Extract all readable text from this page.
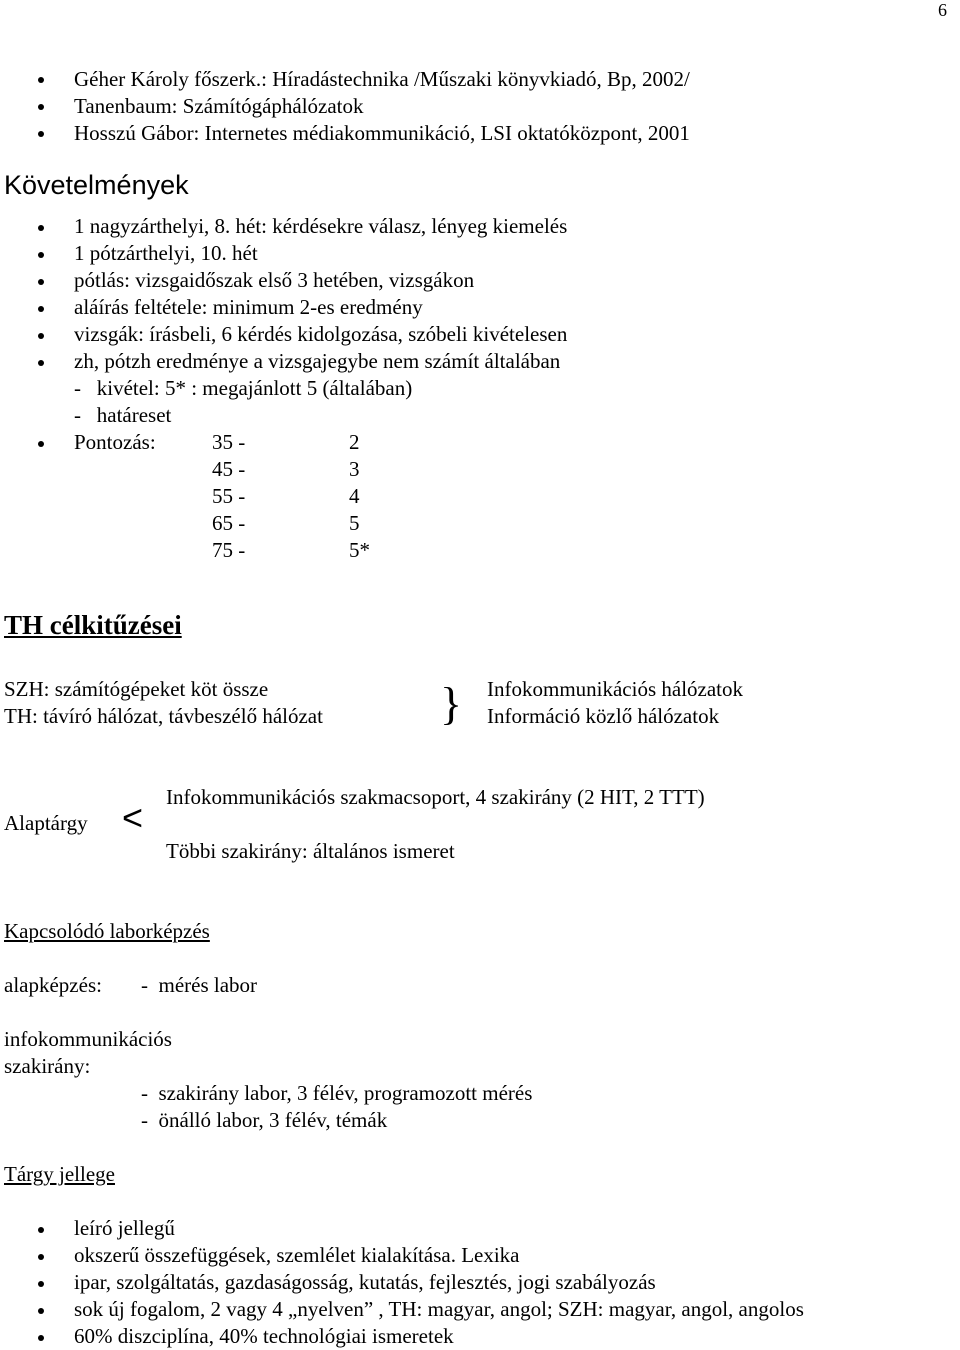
6
Géher Károly főszerk.: Híradástechnika /Műszaki könyvkiadó, Bp, 2002/
Tanenbaum: Számítógáphálózatok
Hosszú Gábor: Internetes médiakommunikáció, LSI oktatóközpont, 2001
Követelmények
1 nagyzárthelyi, 8. hét: kérdésekre válasz, lényeg kiemelés
1 pótzárthelyi, 10. hét
pótlás: vizsgaidőszak első 3 hetében, vizsgákon
aláírás feltétele: minimum 2-es eredmény
vizsgák: írásbeli, 6 kérdés kidolgozása, szóbeli kivételesen
zh, pótzh eredménye a vizsgajegybe nem számít általában
-   kivétel: 5* : megajánlott 5 (általában)
-   határeset
Pontozás:	35 -	2
45 -	3
55 -	4
65 -	5
75 -	5*
TH célkitűzései
SZH: számítógépeket köt össze
TH: távíró hálózat, távbeszélő hálózat	} Infokommunikációs hálózatok
Információ közlő hálózatok
Alaptárgy < Infokommunikációs szakmacsoport, 4 szakirány (2 HIT, 2 TTT)
Többi szakirány: általános ismeret
Kapcsolódó laborképzés
alapképzés: -  mérés labor
infokommunikációs
szakirány:
-  szakirány labor, 3 félév, programozott mérés
-  önálló labor, 3 félév, témák
Tárgy jellege
leíró jellegű
okszerű összefüggések, szemlélet kialakítása. Lexika
ipar, szolgáltatás, gazdaságosság, kutatás, fejlesztés, jogi szabályozás
sok új fogalom, 2 vagy 4 „nyelven” , TH: magyar, angol; SZH: magyar, angol, angolos
60% diszciplína, 40% technológiai ismeretek
